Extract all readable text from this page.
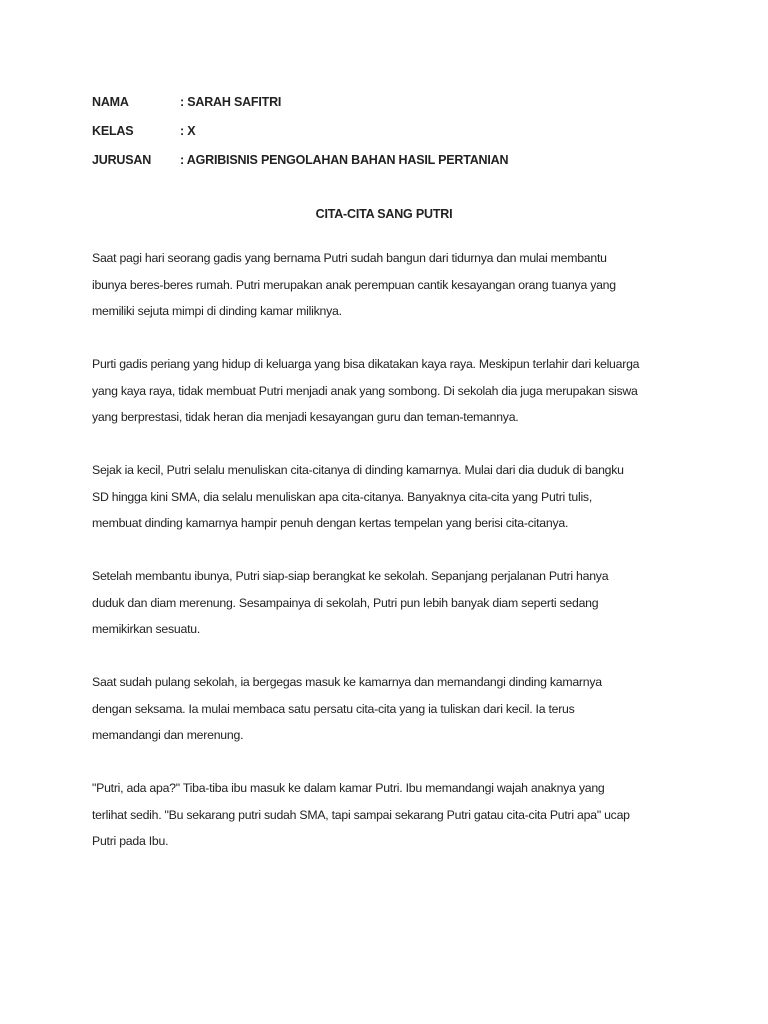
NAMA	: SARAH SAFITRI
KELAS	: X
JURUSAN	: AGRIBISNIS PENGOLAHAN BAHAN HASIL PERTANIAN
CITA-CITA SANG PUTRI

Saat pagi hari seorang gadis yang bernama Putri sudah bangun dari tidurnya dan mulai membantu
ibunya beres-beres rumah. Putri merupakan anak perempuan cantik kesayangan orang tuanya yang
memiliki sejuta mimpi di dinding kamar miliknya.

Purti gadis periang yang hidup di keluarga yang bisa dikatakan kaya raya. Meskipun terlahir dari keluarga
yang kaya raya, tidak membuat Putri menjadi anak yang sombong. Di sekolah dia juga merupakan siswa
yang berprestasi, tidak heran dia menjadi kesayangan guru dan teman-temannya.

Sejak ia kecil, Putri selalu menuliskan cita-citanya di dinding kamarnya. Mulai dari dia duduk di bangku
SD hingga kini SMA, dia selalu menuliskan apa cita-citanya. Banyaknya cita-cita yang Putri tulis,
membuat dinding kamarnya hampir penuh dengan kertas tempelan yang berisi cita-citanya.

Setelah membantu ibunya, Putri siap-siap berangkat ke sekolah. Sepanjang perjalanan Putri hanya
duduk dan diam merenung. Sesampainya di sekolah, Putri pun lebih banyak diam seperti sedang
memikirkan sesuatu.

Saat sudah pulang sekolah, ia bergegas masuk ke kamarnya dan memandangi dinding kamarnya
dengan seksama. Ia mulai membaca satu persatu cita-cita yang ia tuliskan dari kecil. Ia terus
memandangi dan merenung.

"Putri, ada apa?" Tiba-tiba ibu masuk ke dalam kamar Putri. Ibu memandangi wajah anaknya yang
terlihat sedih. "Bu sekarang putri sudah SMA, tapi sampai sekarang Putri gatau cita-cita Putri apa" ucap
Putri pada Ibu.
